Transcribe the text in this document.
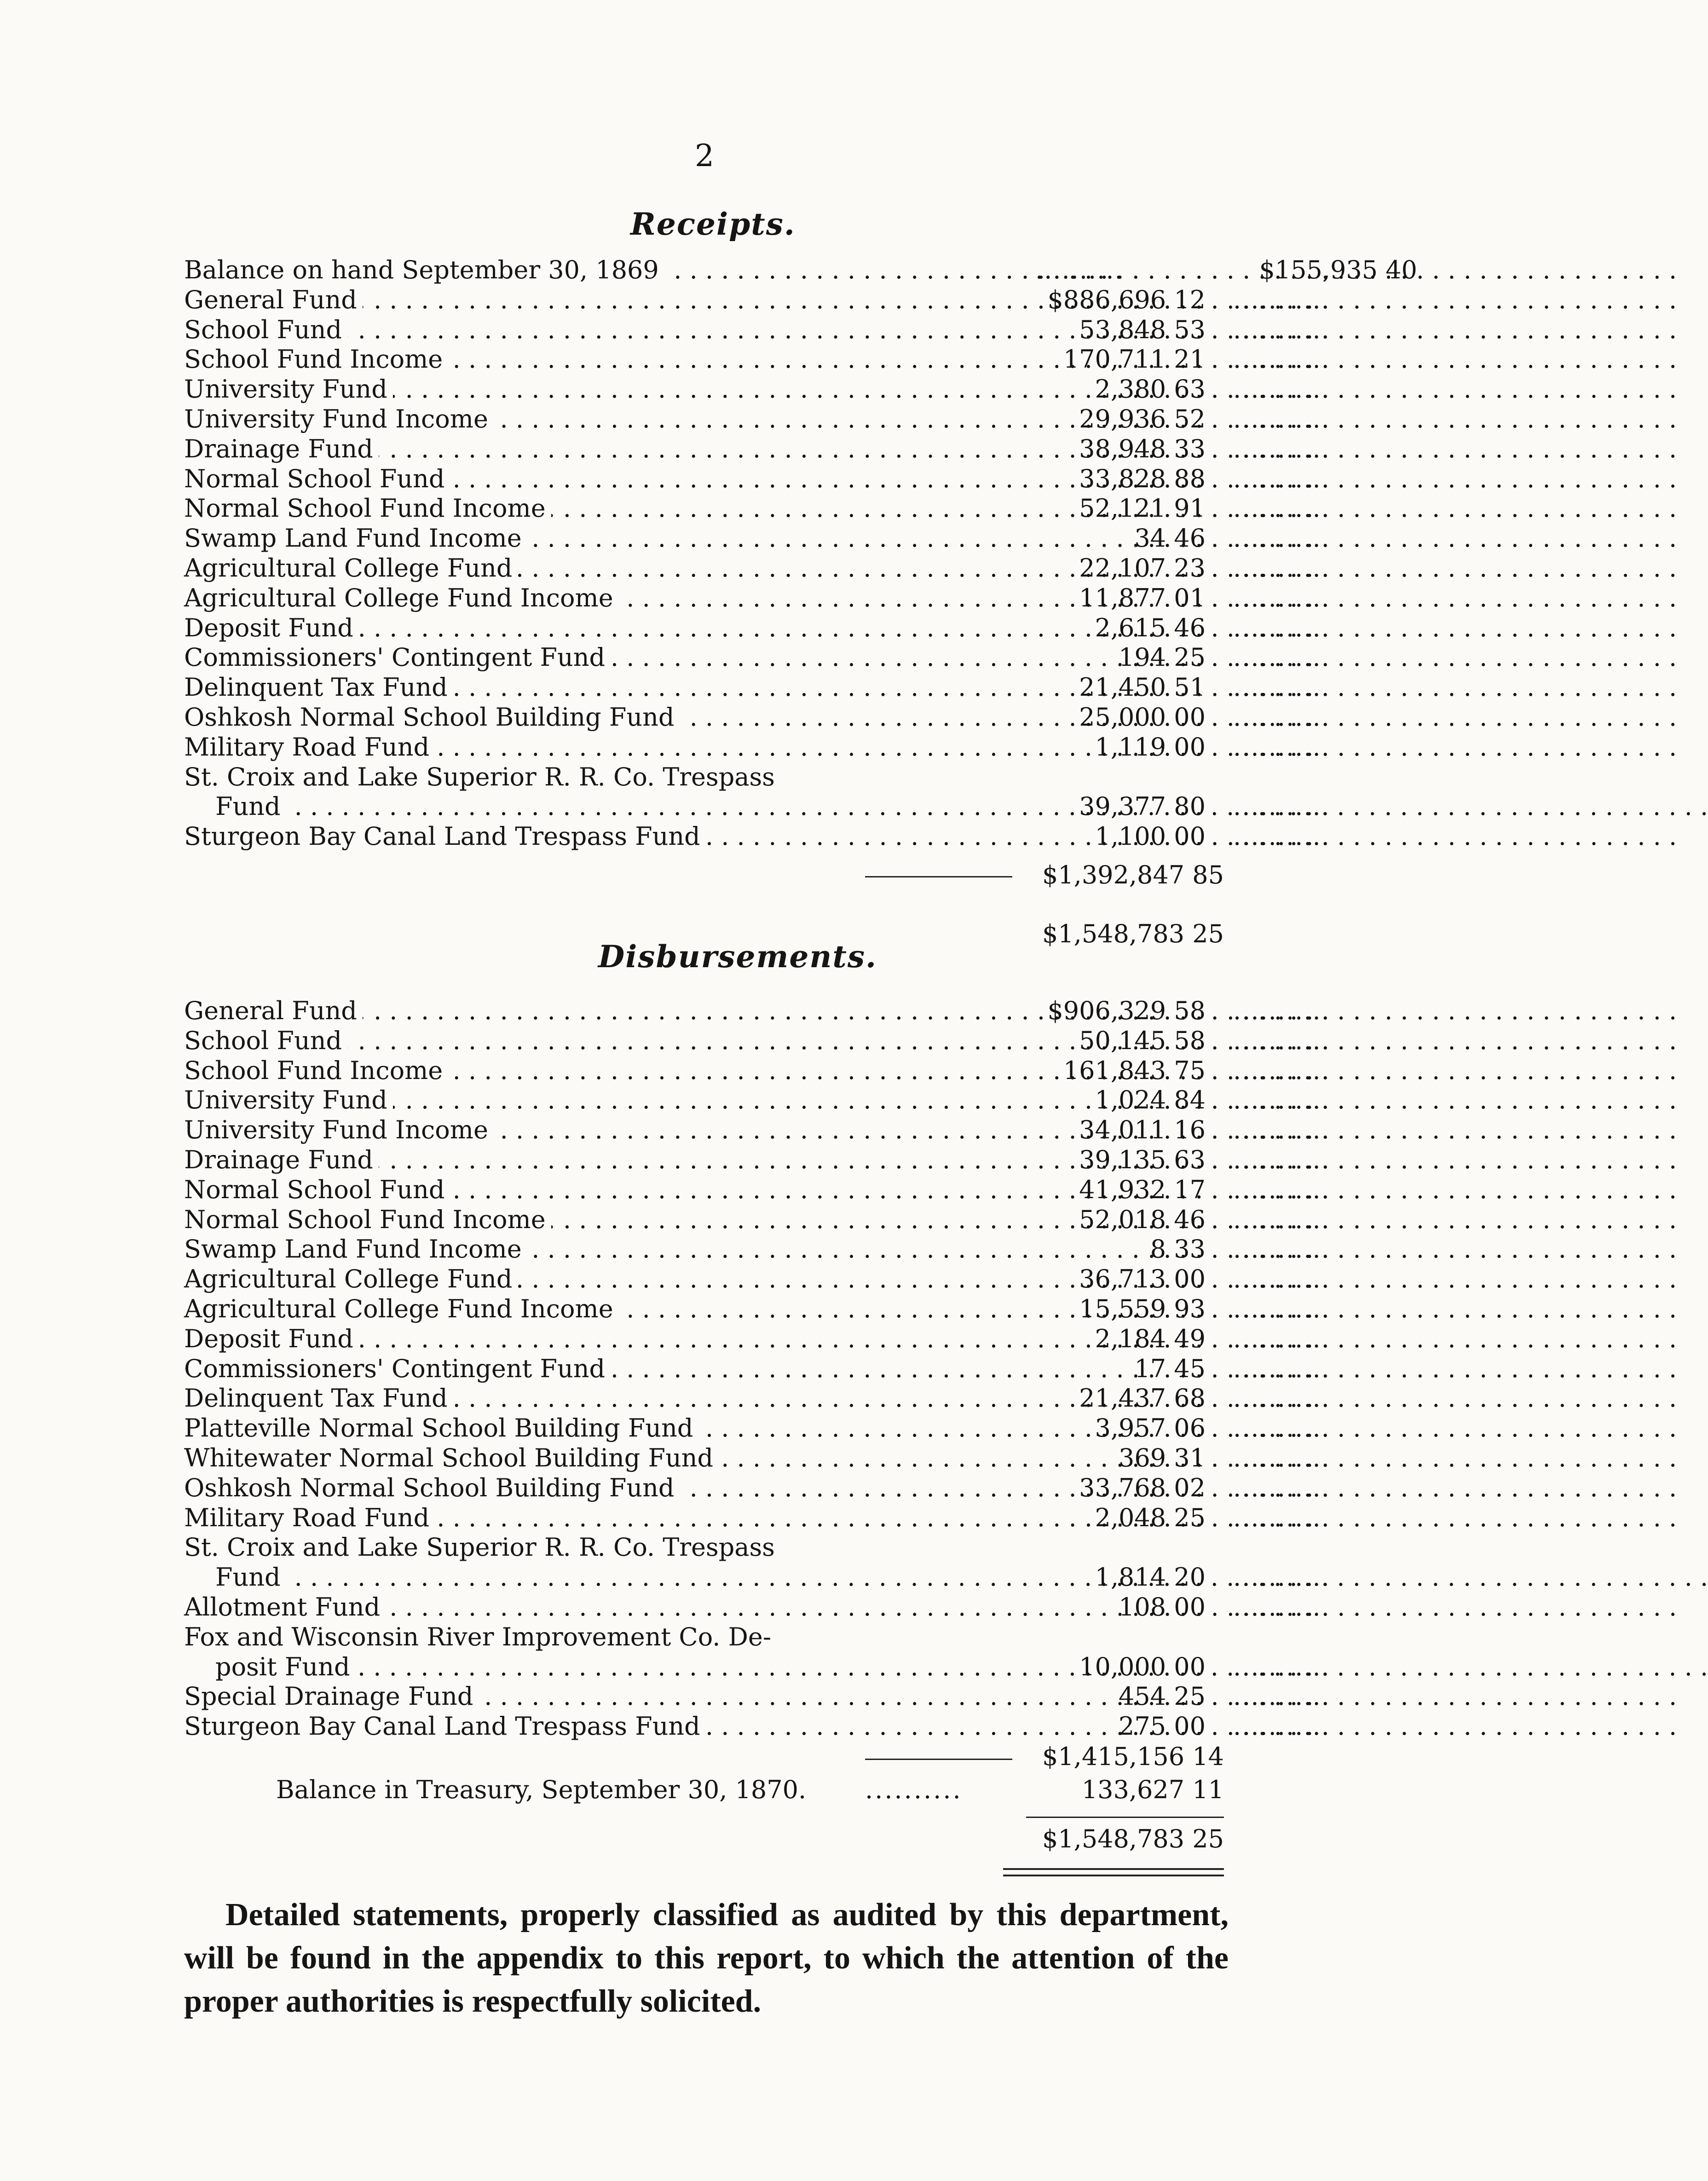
2
Receipts.
Balance on hand September 30, 1869 . . .	..........	$155,935 40
General Fund . . .	$886,696 12 ...........
School Fund . . .	53,848 53 ...........
School Fund Income . . .	170,711 21 ...........
University Fund . . .	2,380 63 ...........
University Fund Income . . .	29,936 52 ...........
Drainage Fund . . .	38,948 33 ...........
Normal School Fund . . .	33,828 88 ...........
Normal School Fund Income . . .	52,121 91 ...........
Swamp Land Fund Income . . .	34 46 ...........
Agricultural College Fund . . .	22,107 23 ...........
Agricultural College Fund Income . . .	11,877 01 ...........
Deposit Fund . . .	2,615 46 ...........
Commissioners' Contingent Fund . . .	194 25 ...........
Delinquent Tax Fund . . .	21,450 51 ...........
Oshkosh Normal School Building Fund . . .	25,000 00 ...........
Military Road Fund . . .	1,119 00 ...........
St. Croix and Lake Superior R. R. Co. Trespass
Fund . . .	39,377 80 ...........
Sturgeon Bay Canal Land Trespass Fund . . .	1,100 00 ...........
$1,392,847 85
$1,548,783 25
Disbursements.
General Fund . . .	$906,329 58 ...........
School Fund . . .	50,145 58 ...........
School Fund Income . . .	161,843 75 ...........
University Fund . . .	1,024 84 ...........
University Fund Income . . .	34,011 16 ...........
Drainage Fund . . .	39,135 63 ...........
Normal School Fund . . .	41,932 17 ...........
Normal School Fund Income . . .	52,018 46 ...........
Swamp Land Fund Income . . .	8 33 ...........
Agricultural College Fund . . .	36,713 00 ...........
Agricultural College Fund Income . . .	15,559 93 ...........
Deposit Fund . . .	2,184 49 ...........
Commissioners' Contingent Fund . . .	17 45 ...........
Delinquent Tax Fund . . .	21,437 68 ...........
Platteville Normal School Building Fund . . .	3,957 06 ...........
Whitewater Normal School Building Fund . . .	369 31 ...........
Oshkosh Normal School Building Fund . . .	33,768 02 ...........
Military Road Fund . . .	2,048 25 ...........
St. Croix and Lake Superior R. R. Co. Trespass
Fund . . .	1,814 20 ...........
Allotment Fund . . .	108 00 ...........
Fox and Wisconsin River Improvement Co. De-
posit Fund . . .	10,000 00 ...........
Special Drainage Fund . . .	454 25 ...........
Sturgeon Bay Canal Land Trespass Fund . . .	275 00 ...........
$1,415,156 14
Balance in Treasury, September 30, 1870. ..........	133,627 11
$1,548,783 25
Detailed statements, properly classified as audited by this department, will be found in the appendix to this report, to which the attention of the proper authorities is respectfully solicited.
